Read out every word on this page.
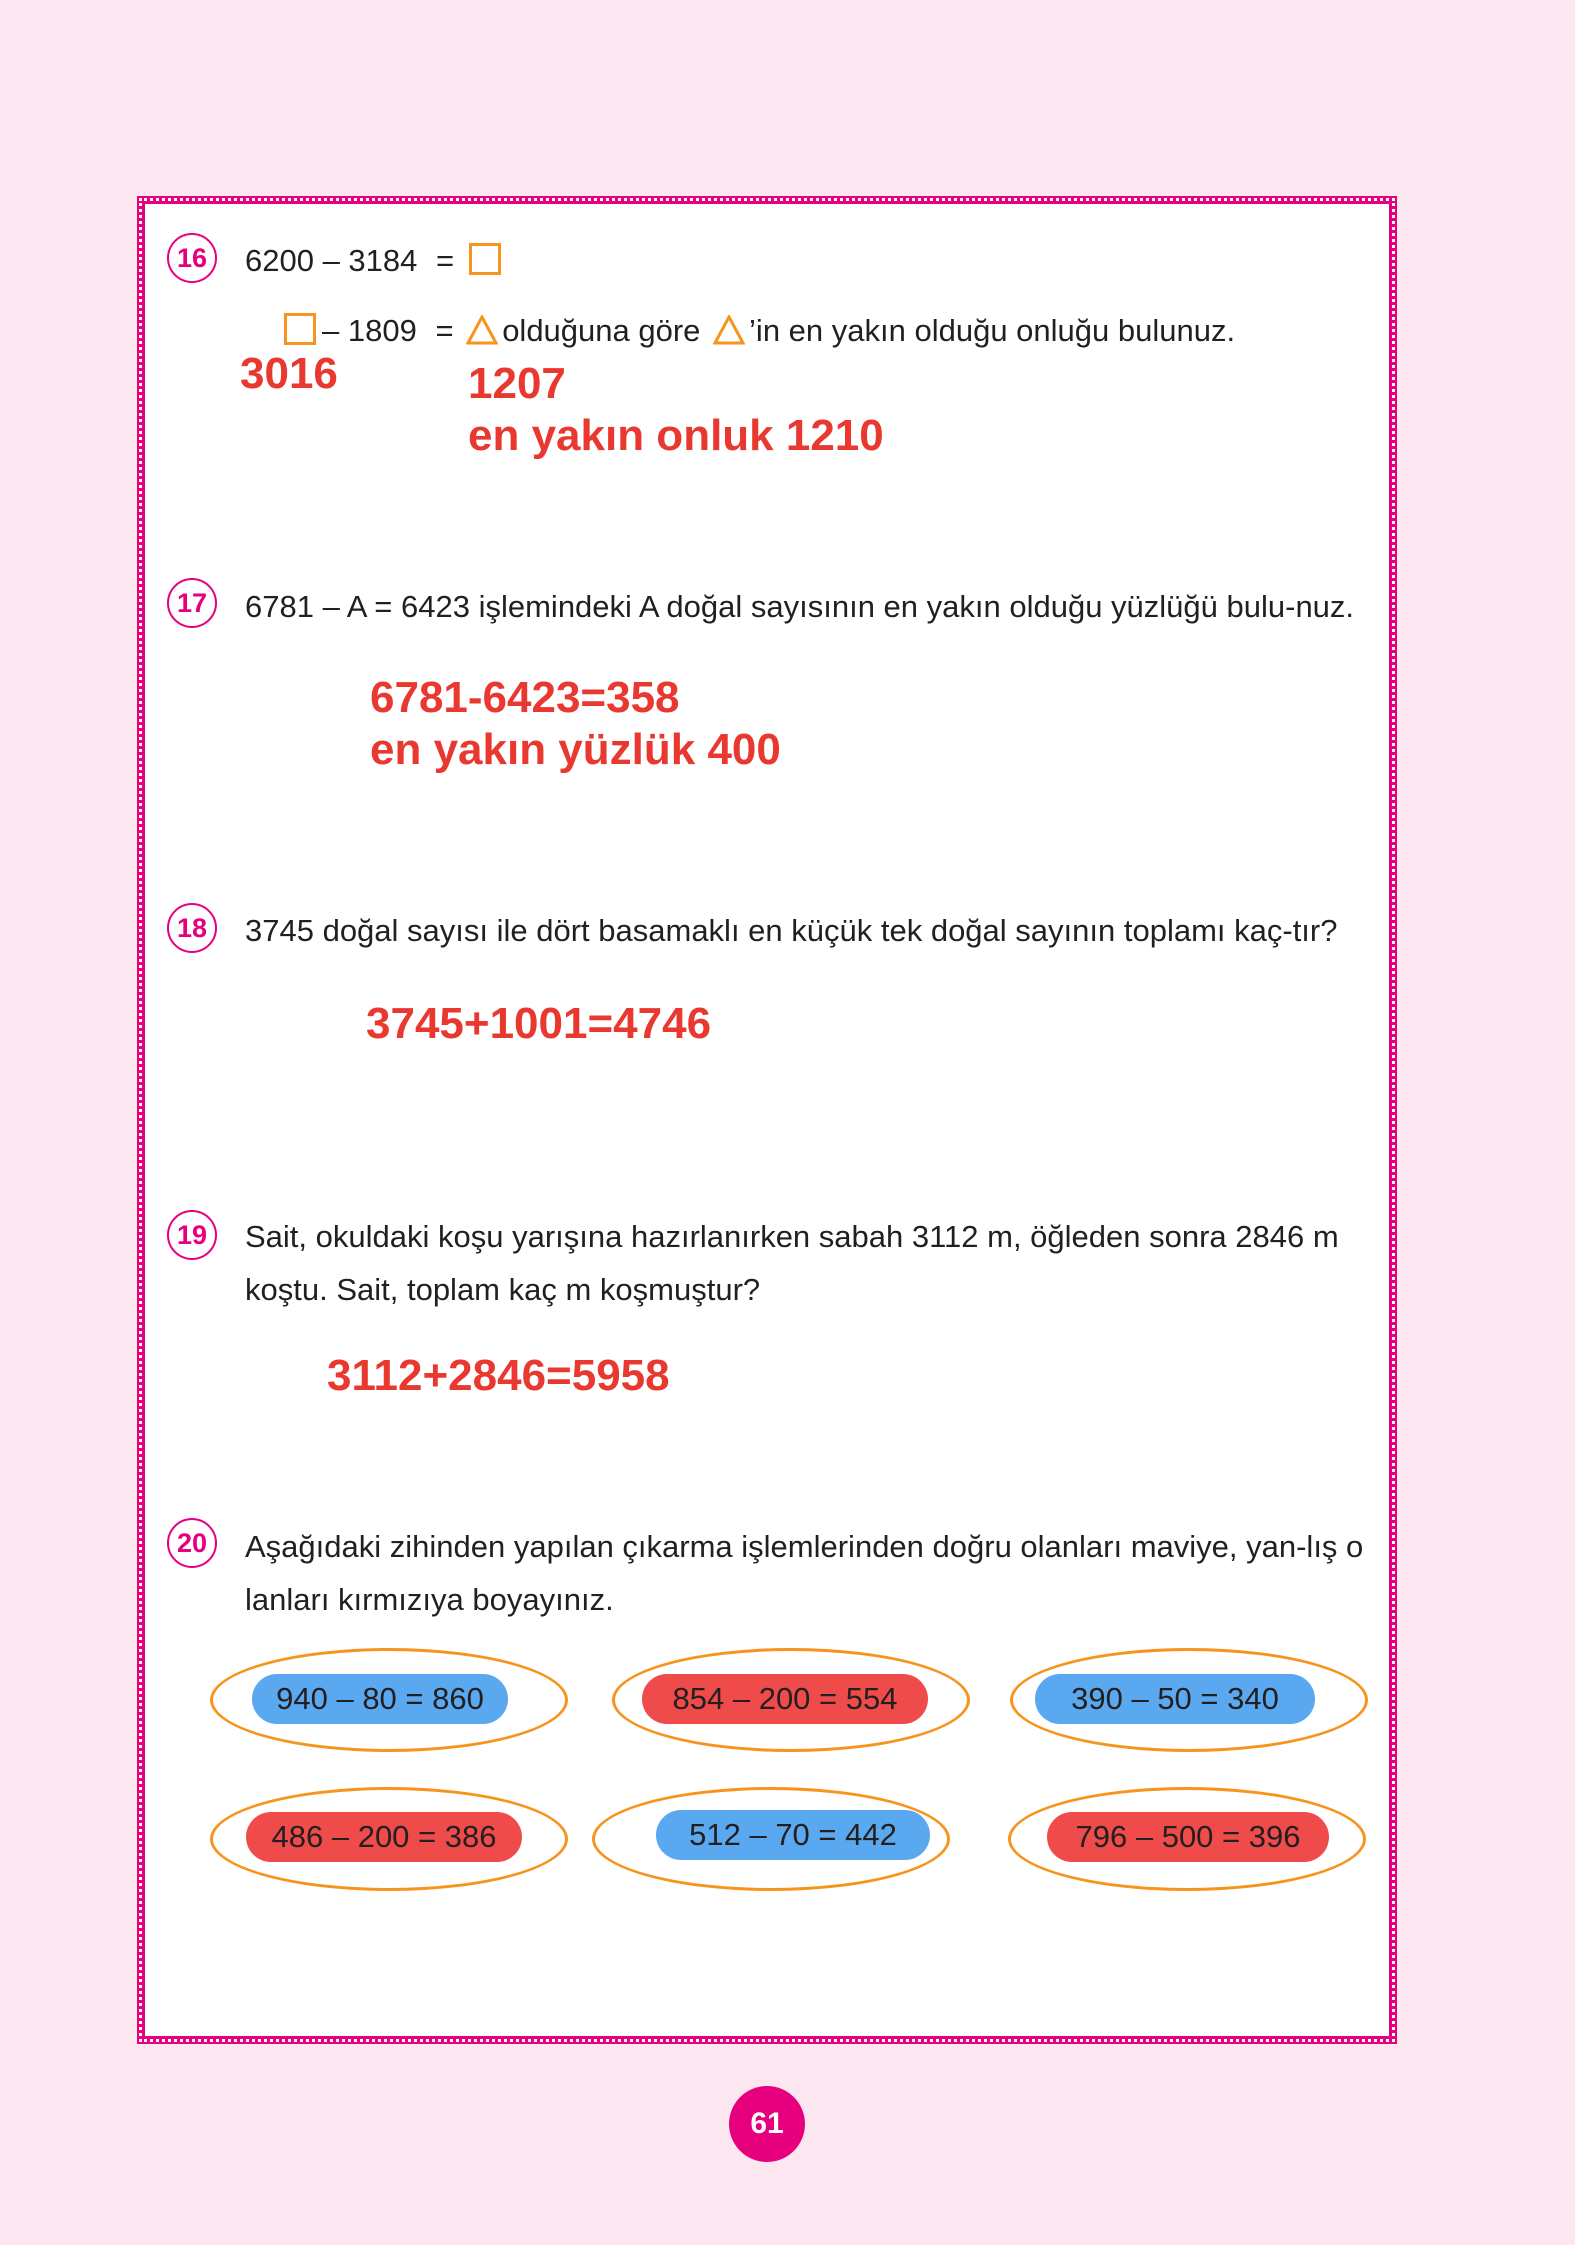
16	6200 – 3184 =
– 1809 = olduğuna göre ’in en yakın olduğu onluğu bulunuz.
3016	1207
en yakın onluk 1210
17	6781 – A = 6423 işlemindeki A doğal sayısının en yakın olduğu yüzlüğü bulu-nuz.
6781-6423=358
en yakın yüzlük 400
18	3745 doğal sayısı ile dört basamaklı en küçük tek doğal sayının toplamı kaç-tır?
3745+1001=4746
19	Sait, okuldaki koşu yarışına hazırlanırken sabah 3112 m, öğleden sonra 2846 m koştu. Sait, toplam kaç m koşmuştur?
3112+2846=5958
20	Aşağıdaki zihinden yapılan çıkarma işlemlerinden doğru olanları maviye, yan-lış olanları kırmızıya boyayınız.
940 – 80 = 860	854 – 200 = 554	390 – 50 = 340
486 – 200 = 386	512 – 70 = 442	796 – 500 = 396
61
